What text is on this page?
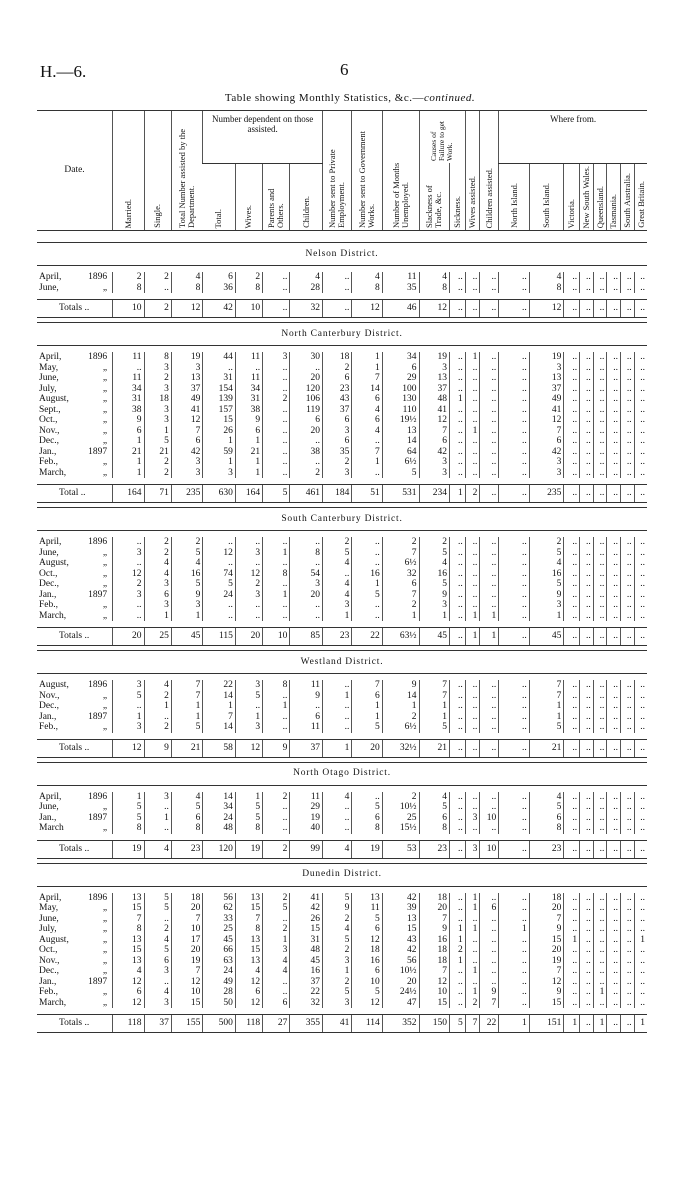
H.—6.	6
Table showing Monthly Statistics, &c.—continued.
Date.	Married.	Single.	Total Number assisted by the Department.	Number dependent on those assisted.				Number sent to Private Employment.	Number sent to Government Works.	Number of Months Unemployed.	Causes of Failure to get Work.		Wives assisted.	Children assisted.	Where from.							

				Total.	Wives.	Parents and Others.	Children.				Slackness of Trade, &c.	Sickness.			North Island.	South Island.	Victoria.	New South Wales.	Queensland.	Tasmania.	South Australia.	Great Britain.

Nelson District.																						

April, 1896	2	2	4	6	2	..	4	..	4	11	4	..	..	..	..	4	..	..	..	..	..	..
June, „	8	..	8	36	8	..	28	..	8	35	8	..	..	..	..	8	..	..	..	..	..	..

Totals ..	10	2	12	42	10	..	32	..	12	46	12	..	..	..	..	12	..	..	..	..	..	..

North Canterbury District.																						

April, 1896	11	8	19	44	11	3	30	18	1	34	19	..	1	..	..	19	..	..	..	..	..	..
May, „	..	3	3	..	..	..	..	2	1	6	3	..	..	..	..	3	..	..	..	..	..	..
June, „	11	2	13	31	11	..	20	6	7	29	13	..	..	..	..	13	..	..	..	..	..	..
July, „	34	3	37	154	34	..	120	23	14	100	37	..	..	..	..	37	..	..	..	..	..	..
August, „	31	18	49	139	31	2	106	43	6	130	48	1	..	..	..	49	..	..	..	..	..	..
Sept., „	38	3	41	157	38	..	119	37	4	110	41	..	..	..	..	41	..	..	..	..	..	..
Oct., „	9	3	12	15	9	..	6	6	6	19½	12	..	..	..	..	12	..	..	..	..	..	..
Nov., „	6	1	7	26	6	..	20	3	4	13	7	..	1	..	..	7	..	..	..	..	..	..
Dec., „	1	5	6	1	1	..	..	6	..	14	6	..	..	..	..	6	..	..	..	..	..	..
Jan., 1897	21	21	42	59	21	..	38	35	7	64	42	..	..	..	..	42	..	..	..	..	..	..
Feb., „	1	2	3	1	1	..	..	2	1	6½	3	..	..	..	..	3	..	..	..	..	..	..
March, „	1	2	3	3	1	..	2	3	..	5	3	..	..	..	..	3	..	..	..	..	..	..

Total ..	164	71	235	630	164	5	461	184	51	531	234	1	2	..	..	235	..	..	..	..	..	..

South Canterbury District.																						

April, 1896	..	2	2	..	..	..	..	2	..	2	2	..	..	..	..	2	..	..	..	..	..	..
June, „	3	2	5	12	3	1	8	5	..	7	5	..	..	..	..	5	..	..	..	..	..	..
August, „	..	4	4	..	..	..	..	4	..	6½	4	..	..	..	..	4	..	..	..	..	..	..
Oct., „	12	4	16	74	12	8	54	..	16	32	16	..	..	..	..	16	..	..	..	..	..	..
Dec., „	2	3	5	5	2	..	3	4	1	6	5	..	..	..	..	5	..	..	..	..	..	..
Jan., 1897	3	6	9	24	3	1	20	4	5	7	9	..	..	..	..	9	..	..	..	..	..	..
Feb., „	..	3	3	..	..	..	..	3	..	2	3	..	..	..	..	3	..	..	..	..	..	..
March, „	..	1	1	..	..	..	..	1	..	1	1	..	1	1	..	1	..	..	..	..	..	..

Totals ..	20	25	45	115	20	10	85	23	22	63½	45	..	1	1	..	45	..	..	..	..	..	..

Westland District.																						

August, 1896	3	4	7	22	3	8	11	..	7	9	7	..	..	..	..	7	..	..	..	..	..	..
Nov., „	5	2	7	14	5	..	9	1	6	14	7	..	..	..	..	7	..	..	..	..	..	..
Dec., „	..	1	1	1	..	1	..	..	1	1	1	..	..	..	..	1	..	..	..	..	..	..
Jan., 1897	1	..	1	7	1	..	6	..	1	2	1	..	..	..	..	1	..	..	..	..	..	..
Feb., „	3	2	5	14	3	..	11	..	5	6½	5	..	..	..	..	5	..	..	..	..	..	..

Totals ..	12	9	21	58	12	9	37	1	20	32½	21	..	..	..	..	21	..	..	..	..	..	..

North Otago District.																						

April, 1896	1	3	4	14	1	2	11	4	..	2	4	..	..	..	..	4	..	..	..	..	..	..
June, „	5	..	5	34	5	..	29	..	5	10½	5	..	..	..	..	5	..	..	..	..	..	..
Jan., 1897	5	1	6	24	5	..	19	..	6	25	6	..	3	10	..	6	..	..	..	..	..	..
March „	8	..	8	48	8	..	40	..	8	15½	8	..	..	..	..	8	..	..	..	..	..	..

Totals ..	19	4	23	120	19	2	99	4	19	53	23	..	3	10	..	23	..	..	..	..	..	..

Dunedin District.																						

April, 1896	13	5	18	56	13	2	41	5	13	42	18	..	1	..	..	18	..	..	..	..	..	..
May, „	15	5	20	62	15	5	42	9	11	39	20	..	1	6	..	20	..	..	..	..	..	..
June, „	7	..	7	33	7	..	26	2	5	13	7	..	..	..	..	7	..	..	..	..	..	..
July, „	8	2	10	25	8	2	15	4	6	15	9	1	1	..	1	9	..	..	..	..	..	..
August, „	13	4	17	45	13	1	31	5	12	43	16	1	..	..	..	15	1	..	..	..	..	1
Oct., „	15	5	20	66	15	3	48	2	18	42	18	2	..	..	..	20	..	..	..	..	..	..
Nov., „	13	6	19	63	13	4	45	3	16	56	18	1	..	..	..	19	..	..	..	..	..	..
Dec., „	4	3	7	24	4	4	16	1	6	10½	7	..	1	..	..	7	..	..	..	..	..	..
Jan., 1897	12	..	12	49	12	..	37	2	10	20	12	..	..	..	..	12	..	..	..	..	..	..
Feb., „	6	4	10	28	6	..	22	5	5	24½	10	..	1	9	..	9	..	..	1	..	..	..
March, „	12	3	15	50	12	6	32	3	12	47	15	..	2	7	..	15	..	..	..	..	..	..

Totals ..	118	37	155	500	118	27	355	41	114	352	150	5	7	22	1	151	1	..	1	..	..	1
